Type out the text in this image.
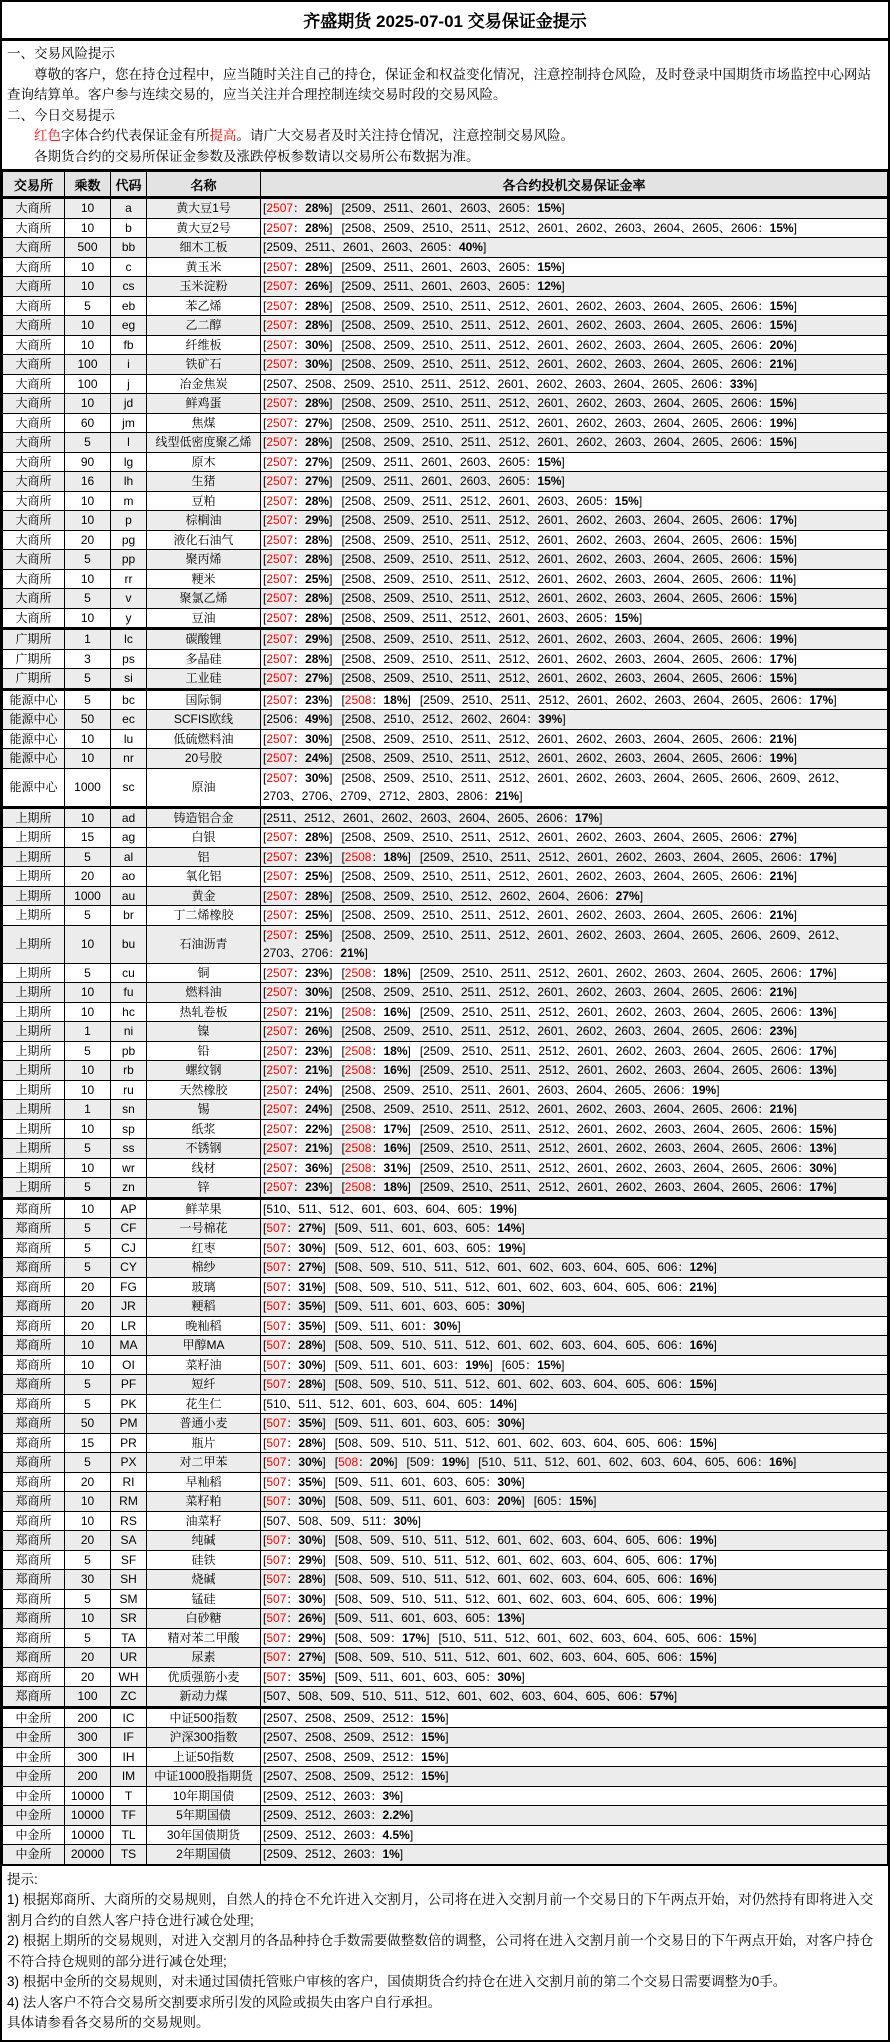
齐盛期货 2025-07-01 交易保证金提示

一、交易风险提示

尊敬的客户，您在持仓过程中，应当随时关注自己的持仓，保证金和权益变化情况，注意控制持仓风险，及时登录中国期货市场监控中心网站查询结算单。客户参与连续交易的，应当关注并合理控制连续交易时段的交易风险。

二、今日交易提示

红色字体合约代表保证金有所提高。请广大交易者及时关注持仓情况，注意控制交易风险。

各期货合约的交易所保证金参数及涨跌停板参数请以交易所公布数据为准。

交易所	乘数	代码	名称	各合约投机交易保证金率
大商所	10	a	黄大豆1号	[2507：28%] [2509、2511、2601、2603、2605：15%]
大商所	10	b	黄大豆2号	[2507：28%] [2508、2509、2510、2511、2512、2601、2602、2603、2604、2605、2606：15%]
大商所	500	bb	细木工板	[2509、2511、2601、2603、2605：40%]
大商所	10	c	黄玉米	[2507：28%] [2509、2511、2601、2603、2605：15%]
大商所	10	cs	玉米淀粉	[2507：26%] [2509、2511、2601、2603、2605：12%]
大商所	5	eb	苯乙烯	[2507：28%] [2508、2509、2510、2511、2512、2601、2602、2603、2604、2605、2606：15%]
大商所	10	eg	乙二醇	[2507：28%] [2508、2509、2510、2511、2512、2601、2602、2603、2604、2605、2606：15%]
大商所	10	fb	纤维板	[2507：30%] [2508、2509、2510、2511、2512、2601、2602、2603、2604、2605、2606：20%]
大商所	100	i	铁矿石	[2507：30%] [2508、2509、2510、2511、2512、2601、2602、2603、2604、2605、2606：21%]
大商所	100	j	冶金焦炭	[2507、2508、2509、2510、2511、2512、2601、2602、2603、2604、2605、2606：33%]
大商所	10	jd	鲜鸡蛋	[2507：28%] [2508、2509、2510、2511、2512、2601、2602、2603、2604、2605、2606：15%]
大商所	60	jm	焦煤	[2507：27%] [2508、2509、2510、2511、2512、2601、2602、2603、2604、2605、2606：19%]
大商所	5	l	线型低密度聚乙烯	[2507：28%] [2508、2509、2510、2511、2512、2601、2602、2603、2604、2605、2606：15%]
大商所	90	lg	原木	[2507：27%] [2509、2511、2601、2603、2605：15%]
大商所	16	lh	生猪	[2507：27%] [2509、2511、2601、2603、2605：15%]
大商所	10	m	豆粕	[2507：28%] [2508、2509、2511、2512、2601、2603、2605：15%]
大商所	10	p	棕榈油	[2507：29%] [2508、2509、2510、2511、2512、2601、2602、2603、2604、2605、2606：17%]
大商所	20	pg	液化石油气	[2507：28%] [2508、2509、2510、2511、2512、2601、2602、2603、2604、2605、2606：15%]
大商所	5	pp	聚丙烯	[2507：28%] [2508、2509、2510、2511、2512、2601、2602、2603、2604、2605、2606：15%]
大商所	10	rr	粳米	[2507：25%] [2508、2509、2510、2511、2512、2601、2602、2603、2604、2605、2606：11%]
大商所	5	v	聚氯乙烯	[2507：28%] [2508、2509、2510、2511、2512、2601、2602、2603、2604、2605、2606：15%]
大商所	10	y	豆油	[2507：28%] [2508、2509、2511、2512、2601、2603、2605：15%]
广期所	1	lc	碳酸锂	[2507：29%] [2508、2509、2510、2511、2512、2601、2602、2603、2604、2605、2606：19%]
广期所	3	ps	多晶硅	[2507：28%] [2508、2509、2510、2511、2512、2601、2602、2603、2604、2605、2606：17%]
广期所	5	si	工业硅	[2507：27%] [2508、2509、2510、2511、2512、2601、2602、2603、2604、2605、2606：15%]
能源中心	5	bc	国际铜	[2507：23%] [2508：18%] [2509、2510、2511、2512、2601、2602、2603、2604、2605、2606：17%]
能源中心	50	ec	SCFIS欧线	[2506：49%] [2508、2510、2512、2602、2604：39%]
能源中心	10	lu	低硫燃料油	[2507：30%] [2508、2509、2510、2511、2512、2601、2602、2603、2604、2605、2606：21%]
能源中心	10	nr	20号胶	[2507：24%] [2508、2509、2510、2511、2512、2601、2602、2603、2604、2605、2606：19%]
能源中心	1000	sc	原油	[2507：30%] [2508、2509、2510、2511、2512、2601、2602、2603、2604、2605、2606、2609、2612、2703、2706、2709、2712、2803、2806：21%]
上期所	10	ad	铸造铝合金	[2511、2512、2601、2602、2603、2604、2605、2606：17%]
上期所	15	ag	白银	[2507：28%] [2508、2509、2510、2511、2512、2601、2602、2603、2604、2605、2606：27%]
上期所	5	al	铝	[2507：23%] [2508：18%] [2509、2510、2511、2512、2601、2602、2603、2604、2605、2606：17%]
上期所	20	ao	氧化铝	[2507：25%] [2508、2509、2510、2511、2512、2601、2602、2603、2604、2605、2606：21%]
上期所	1000	au	黄金	[2507：28%] [2508、2509、2510、2512、2602、2604、2606：27%]
上期所	5	br	丁二烯橡胶	[2507：25%] [2508、2509、2510、2511、2512、2601、2602、2603、2604、2605、2606：21%]
上期所	10	bu	石油沥青	[2507：25%] [2508、2509、2510、2511、2512、2601、2602、2603、2604、2605、2606、2609、2612、2703、2706：21%]
上期所	5	cu	铜	[2507：23%] [2508：18%] [2509、2510、2511、2512、2601、2602、2603、2604、2605、2606：17%]
上期所	10	fu	燃料油	[2507：30%] [2508、2509、2510、2511、2512、2601、2602、2603、2604、2605、2606：21%]
上期所	10	hc	热轧卷板	[2507：21%] [2508：16%] [2509、2510、2511、2512、2601、2602、2603、2604、2605、2606：13%]
上期所	1	ni	镍	[2507：26%] [2508、2509、2510、2511、2512、2601、2602、2603、2604、2605、2606：23%]
上期所	5	pb	铅	[2507：23%] [2508：18%] [2509、2510、2511、2512、2601、2602、2603、2604、2605、2606：17%]
上期所	10	rb	螺纹钢	[2507：21%] [2508：16%] [2509、2510、2511、2512、2601、2602、2603、2604、2605、2606：13%]
上期所	10	ru	天然橡胶	[2507：24%] [2508、2509、2510、2511、2601、2603、2604、2605、2606：19%]
上期所	1	sn	锡	[2507：24%] [2508、2509、2510、2511、2512、2601、2602、2603、2604、2605、2606：21%]
上期所	10	sp	纸浆	[2507：22%] [2508：17%] [2509、2510、2511、2512、2601、2602、2603、2604、2605、2606：15%]
上期所	5	ss	不锈钢	[2507：21%] [2508：16%] [2509、2510、2511、2512、2601、2602、2603、2604、2605、2606：13%]
上期所	10	wr	线材	[2507：36%] [2508：31%] [2509、2510、2511、2512、2601、2602、2603、2604、2605、2606：30%]
上期所	5	zn	锌	[2507：23%] [2508：18%] [2509、2510、2511、2512、2601、2602、2603、2604、2605、2606：17%]
郑商所	10	AP	鲜苹果	[510、511、512、601、603、604、605：19%]
郑商所	5	CF	一号棉花	[507：27%] [509、511、601、603、605：14%]
郑商所	5	CJ	红枣	[507：30%] [509、512、601、603、605：19%]
郑商所	5	CY	棉纱	[507：27%] [508、509、510、511、512、601、602、603、604、605、606：12%]
郑商所	20	FG	玻璃	[507：31%] [508、509、510、511、512、601、602、603、604、605、606：21%]
郑商所	20	JR	粳稻	[507：35%] [509、511、601、603、605：30%]
郑商所	20	LR	晚籼稻	[507：35%] [509、511、601：30%]
郑商所	10	MA	甲醇MA	[507：28%] [508、509、510、511、512、601、602、603、604、605、606：16%]
郑商所	10	OI	菜籽油	[507：30%] [509、511、601、603：19%] [605：15%]
郑商所	5	PF	短纤	[507：28%] [508、509、510、511、512、601、602、603、604、605、606：15%]
郑商所	5	PK	花生仁	[510、511、512、601、603、604、605：14%]
郑商所	50	PM	普通小麦	[507：35%] [509、511、601、603、605：30%]
郑商所	15	PR	瓶片	[507：28%] [508、509、510、511、512、601、602、603、604、605、606：15%]
郑商所	5	PX	对二甲苯	[507：30%] [508：20%] [509：19%] [510、511、512、601、602、603、604、605、606：16%]
郑商所	20	RI	早籼稻	[507：35%] [509、511、601、603、605：30%]
郑商所	10	RM	菜籽粕	[507：30%] [508、509、511、601、603：20%] [605：15%]
郑商所	10	RS	油菜籽	[507、508、509、511：30%]
郑商所	20	SA	纯碱	[507：30%] [508、509、510、511、512、601、602、603、604、605、606：19%]
郑商所	5	SF	硅铁	[507：29%] [508、509、510、511、512、601、602、603、604、605、606：17%]
郑商所	30	SH	烧碱	[507：28%] [508、509、510、511、512、601、602、603、604、605、606：16%]
郑商所	5	SM	锰硅	[507：30%] [508、509、510、511、512、601、602、603、604、605、606：19%]
郑商所	10	SR	白砂糖	[507：26%] [509、511、601、603、605：13%]
郑商所	5	TA	精对苯二甲酸	[507：29%] [508、509：17%] [510、511、512、601、602、603、604、605、606：15%]
郑商所	20	UR	尿素	[507：27%] [508、509、510、511、512、601、602、603、604、605、606：15%]
郑商所	20	WH	优质强筋小麦	[507：35%] [509、511、601、603、605：30%]
郑商所	100	ZC	新动力煤	[507、508、509、510、511、512、601、602、603、604、605、606：57%]
中金所	200	IC	中证500指数	[2507、2508、2509、2512：15%]
中金所	300	IF	沪深300指数	[2507、2508、2509、2512：15%]
中金所	300	IH	上证50指数	[2507、2508、2509、2512：15%]
中金所	200	IM	中证1000股指期货	[2507、2508、2509、2512：15%]
中金所	10000	T	10年期国债	[2509、2512、2603：3%]
中金所	10000	TF	5年期国债	[2509、2512、2603：2.2%]
中金所	10000	TL	30年国债期货	[2509、2512、2603：4.5%]
中金所	20000	TS	2年期国债	[2509、2512、2603：1%]

提示:

1) 根据郑商所、大商所的交易规则，自然人的持仓不允许进入交割月，公司将在进入交割月前一个交易日的下午两点开始，对仍然持有即将进入交割月合约的自然人客户持仓进行减仓处理;

2) 根据上期所的交易规则，对进入交割月的各品种持仓手数需要做整数倍的调整，公司将在进入交割月前一个交易日的下午两点开始，对客户持仓不符合持仓规则的部分进行减仓处理;

3) 根据中金所的交易规则，对未通过国债托管账户审核的客户，国债期货合约持仓在进入交割月前的第二个交易日需要调整为0手。

4) 法人客户不符合交易所交割要求所引发的风险或损失由客户自行承担。

具体请参看各交易所的交易规则。
